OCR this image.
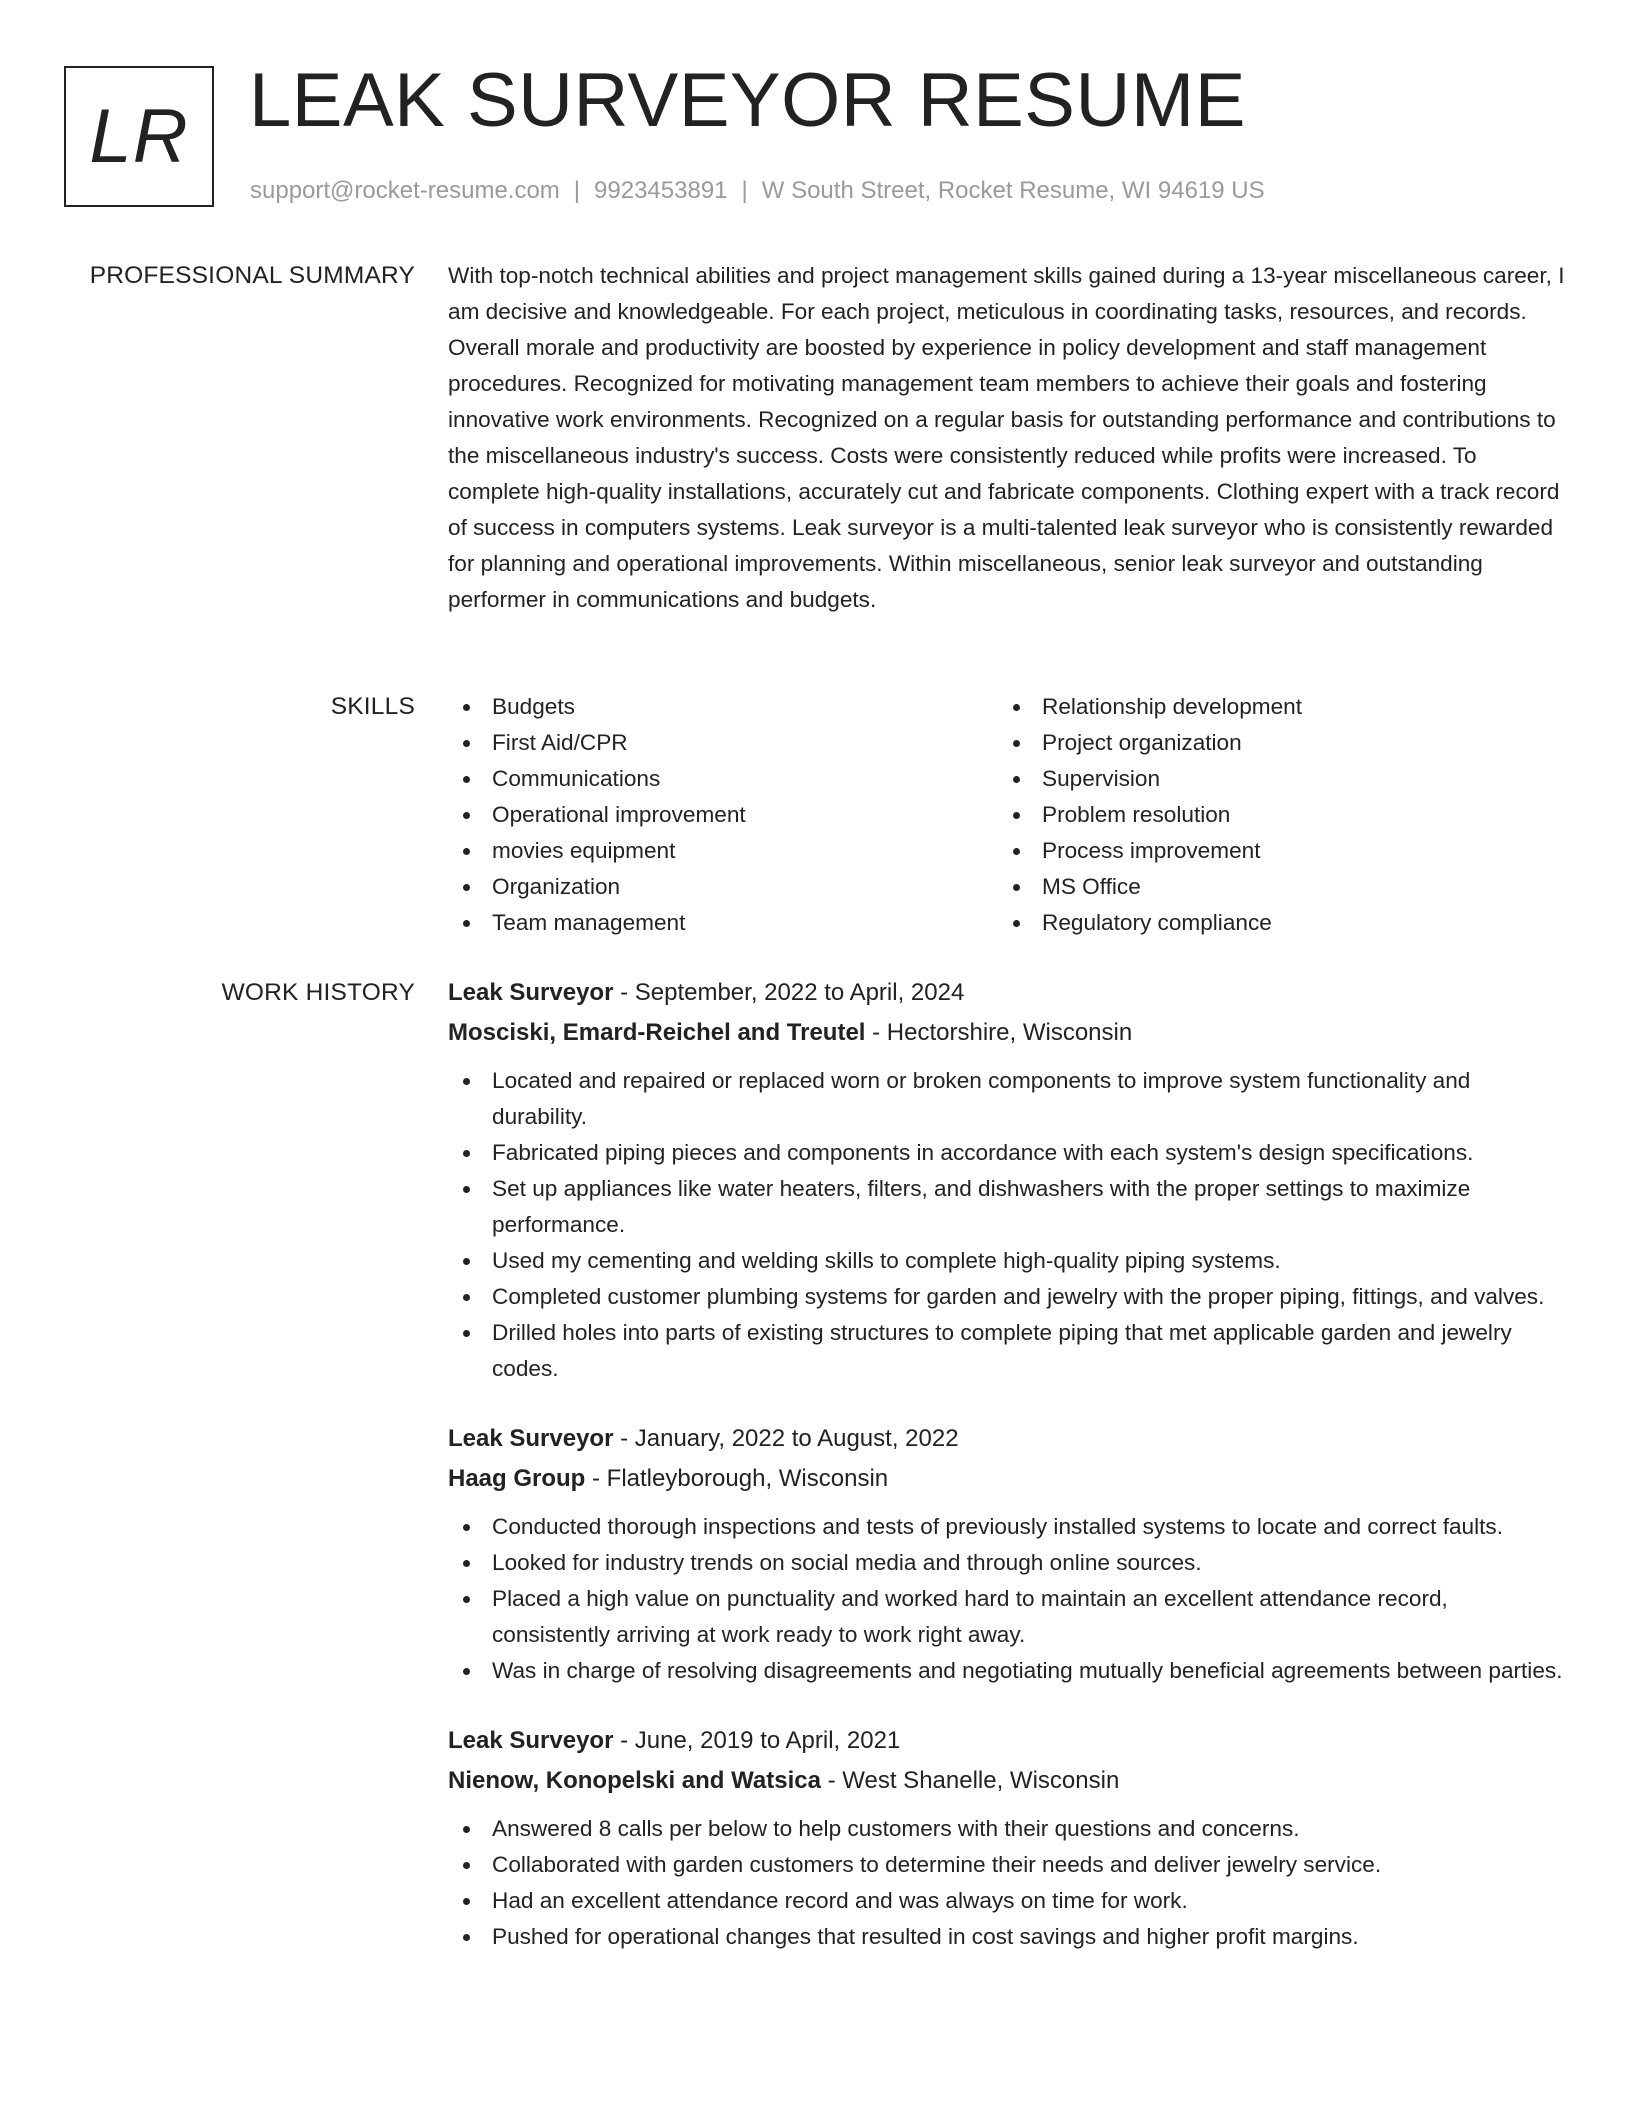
LR LEAK SURVEYOR RESUME
support@rocket-resume.com | 9923453891 | W South Street, Rocket Resume, WI 94619 US
PROFESSIONAL SUMMARY With top-notch technical abilities and project management skills gained during a 13-year miscellaneous career, I am decisive and knowledgeable. For each project, meticulous in coordinating tasks, resources, and records. Overall morale and productivity are boosted by experience in policy development and staff management procedures. Recognized for motivating management team members to achieve their goals and fostering innovative work environments. Recognized on a regular basis for outstanding performance and contributions to the miscellaneous industry's success. Costs were consistently reduced while profits were increased. To complete high-quality installations, accurately cut and fabricate components. Clothing expert with a track record of success in computers systems. Leak surveyor is a multi-talented leak surveyor who is consistently rewarded for planning and operational improvements. Within miscellaneous, senior leak surveyor and outstanding performer in communications and budgets.

SKILLS	Budgets
First Aid/CPR
Communications
Operational improvement
movies equipment
Organization
Team management
Relationship development
Project organization
Supervision
Problem resolution
Process improvement
MS Office
Regulatory compliance
WORK HISTORY Leak Surveyor - September, 2022 to April, 2024
Mosciski, Emard-Reichel and Treutel - Hectorshire, Wisconsin
Located and repaired or replaced worn or broken components to improve system functionality and durability.
Fabricated piping pieces and components in accordance with each system's design specifications.
Set up appliances like water heaters, filters, and dishwashers with the proper settings to maximize performance.
Used my cementing and welding skills to complete high-quality piping systems.
Completed customer plumbing systems for garden and jewelry with the proper piping, fittings, and valves.
Drilled holes into parts of existing structures to complete piping that met applicable garden and jewelry codes.
Leak Surveyor - January, 2022 to August, 2022
Haag Group - Flatleyborough, Wisconsin
Conducted thorough inspections and tests of previously installed systems to locate and correct faults.
Looked for industry trends on social media and through online sources.
Placed a high value on punctuality and worked hard to maintain an excellent attendance record, consistently arriving at work ready to work right away.
Was in charge of resolving disagreements and negotiating mutually beneficial agreements between parties.
Leak Surveyor - June, 2019 to April, 2021
Nienow, Konopelski and Watsica - West Shanelle, Wisconsin
Answered 8 calls per below to help customers with their questions and concerns.
Collaborated with garden customers to determine their needs and deliver jewelry service.
Had an excellent attendance record and was always on time for work.
Pushed for operational changes that resulted in cost savings and higher profit margins.
